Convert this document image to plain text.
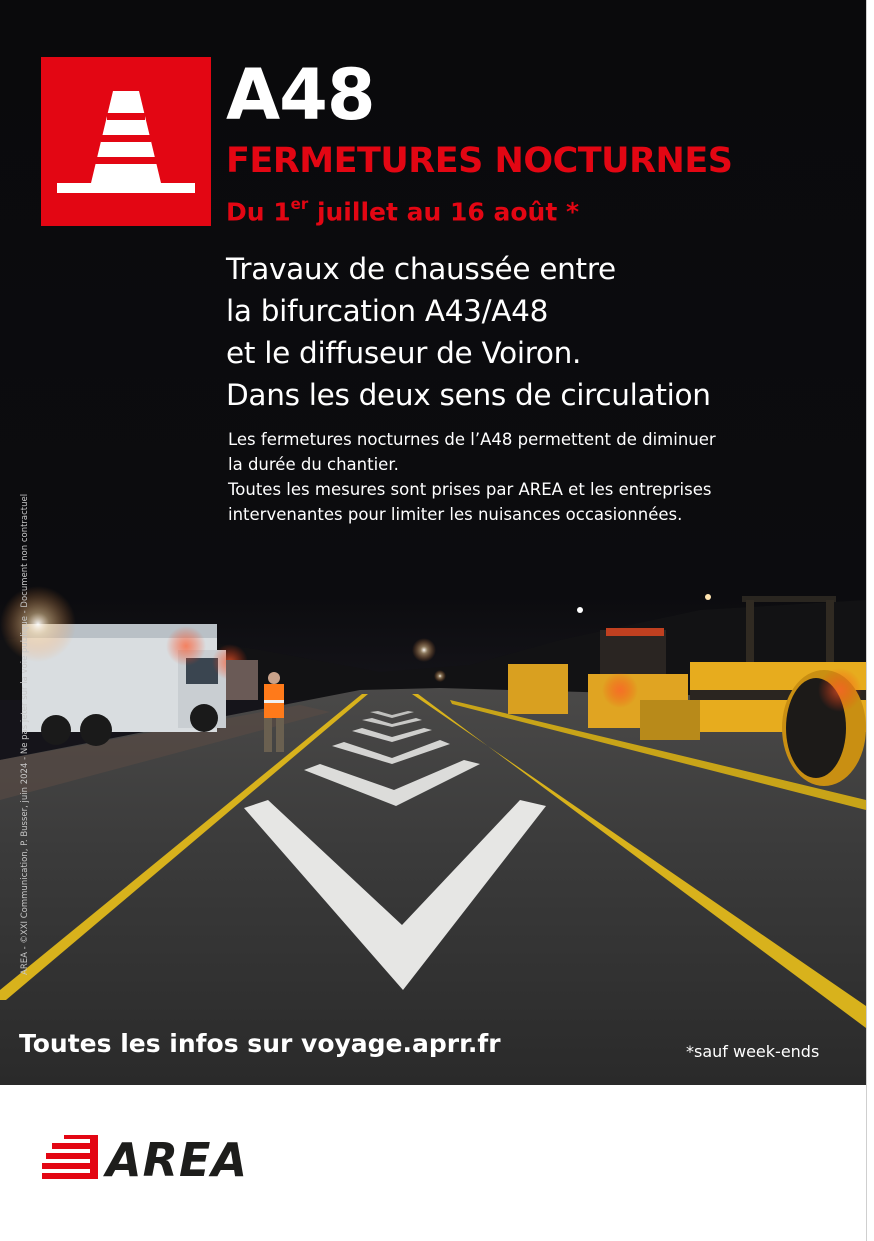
A48
FERMETURES NOCTURNES
Du 1er juillet au 16 août *
Travaux de chaussée entre
la bifurcation A43/A48
et le diffuseur de Voiron.
Dans les deux sens de circulation

Les fermetures nocturnes de l’A48 permettent de diminuer
la durée du chantier.

Toutes les mesures sont prises par AREA et les entreprises
intervenantes pour limiter les nuisances occasionnées.

AREA - ©XXI Communication, P. Busser, juin 2024 - Ne pas jeter sur la voie publique - Document non contractuel
Toutes les infos sur voyage.aprr.fr	*sauf week-ends
AREA
